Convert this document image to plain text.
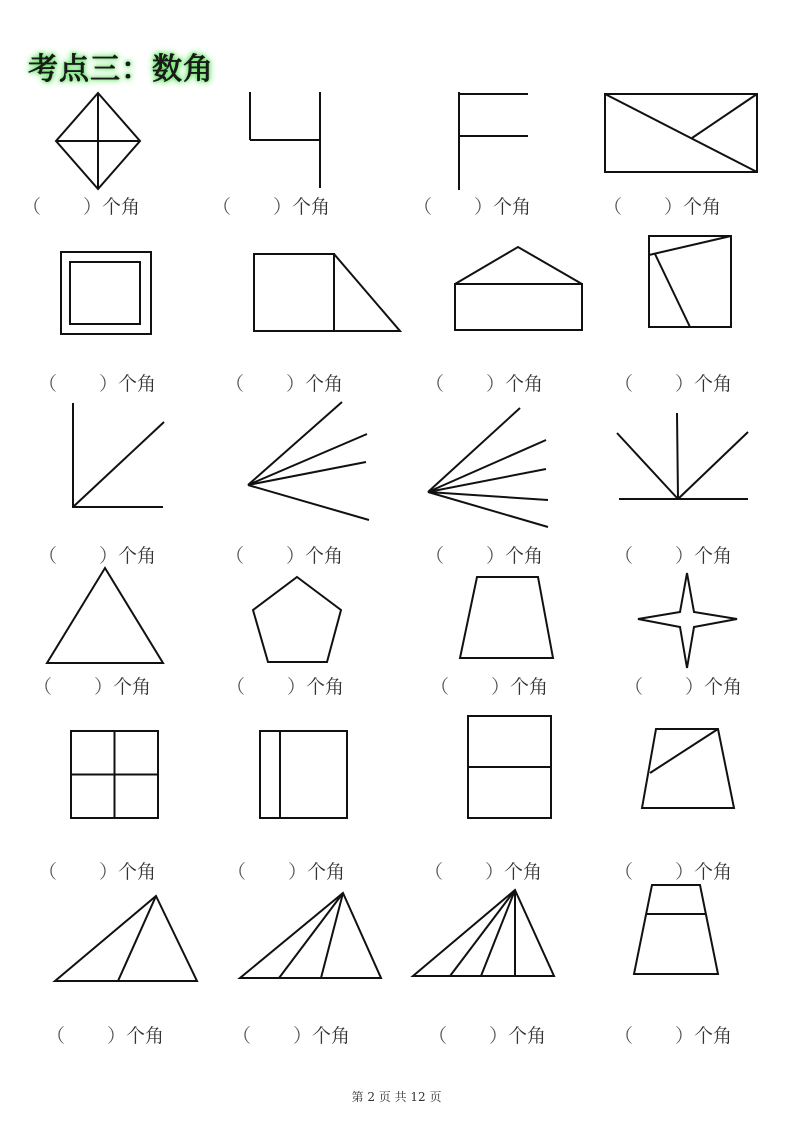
考点三：数角
（ ）个角	（ ）个角	（ ）个角	（ ）个角
（ ）个角	（ ）个角	（ ）个角	（ ）个角
（ ）个角	（ ）个角	（ ）个角	（ ）个角
（ ）个角	（ ）个角	（ ）个角	（ ）个角
（ ）个角	（ ）个角	（ ）个角	（ ）个角
（ ）个角	（ ）个角	（ ）个角	（ ）个角
第 2 页 共 12 页
